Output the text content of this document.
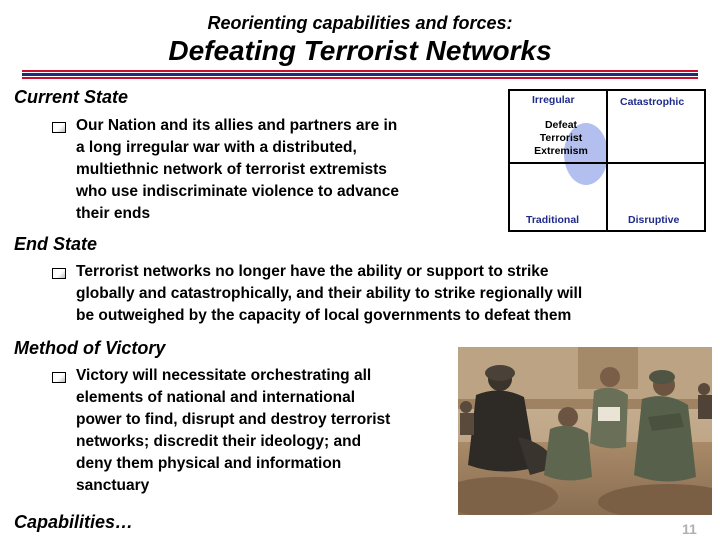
Reorienting capabilities and forces:
Defeating Terrorist Networks
Current State
Our Nation and its allies and partners are in
a long irregular war with a distributed,
multiethnic network of terrorist extremists
who use indiscriminate violence to advance
their ends
End State
Terrorist networks no longer have the ability or support to strike
globally and catastrophically, and their ability to strike regionally will
be outweighed by the capacity of local governments to defeat them
Method of Victory
Victory will necessitate orchestrating all
elements of national and international
power to find, disrupt and destroy terrorist
networks; discredit their ideology; and
deny them physical and information
sanctuary
Capabilities…
Irregular	Catastrophic
Traditional	Disruptive
Defeat
Terrorist
Extremism
11
